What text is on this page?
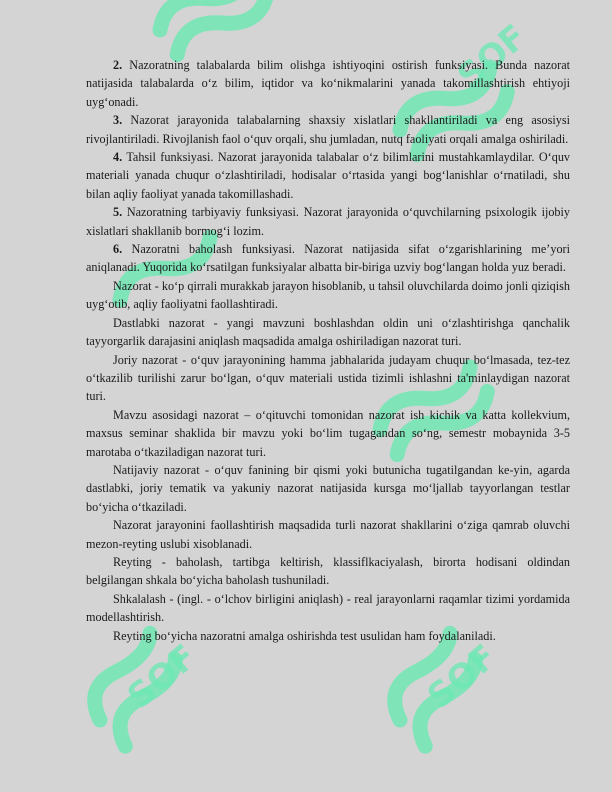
SOF	SOF
SOF

2. Nazoratning talabalarda bilim olishga ishtiyoqini ostirish funksiyasi. Bunda nazorat natijasida talabalarda o‘z bilim, iqtidor va ko‘nikmalarini yanada takomillashtirish ehtiyoji uyg‘onadi.

3. Nazorat jarayonida talabalarning shaxsiy xislatlari shakllantiriladi va eng asosiysi rivojlantiriladi. Rivojlanish faol o‘quv orqali, shu jumladan, nutq faoliyati orqali amalga oshiriladi.

4. Tahsil funksiyasi. Nazorat jarayonida talabalar o‘z bilimlarini mustahkamlaydilar. O‘quv materiali yanada chuqur o‘zlashtiriladi, hodisalar o‘rtasida yangi bog‘lanishlar o‘rnatiladi, shu bilan aqliy faoliyat yanada takomillashadi.

5. Nazoratning tarbiyaviy funksiyasi. Nazorat jarayonida o‘quvchilarning psixologik ijobiy xislatlari shakllanib bormog‘i lozim.

6. Nazoratni baholash funksiyasi. Nazorat natijasida sifat o‘zgarishlarining me’yori aniqlanadi. Yuqorida ko‘rsatilgan funksiyalar albatta bir-biriga uzviy bog‘langan holda yuz beradi.

Nazorat - ko‘p qirrali murakkab jarayon hisoblanib, u tahsil oluvchilarda doimo jonli qiziqish uyg‘otib, aqliy faoliyatni faollashtiradi.

Dastlabki nazorat - yangi mavzuni boshlashdan oldin uni o‘zlashtirishga qanchalik tayyorgarlik darajasini aniqlash maqsadida amalga oshiriladigan nazorat turi.

Joriy nazorat - o‘quv jarayonining hamma jabhalarida judayam chuqur bo‘lmasada, tez-tez o‘tkazilib turilishi zarur bo‘lgan, o‘quv materiali ustida tizimli ishlashni ta'minlaydigan nazorat turi.

Mavzu asosidagi nazorat – o‘qituvchi tomonidan nazorat ish kichik va katta kollekvium, maxsus seminar shaklida bir mavzu yoki bo‘lim tugagandan so‘ng, semestr mobaynida 3-5 marotaba o‘tkaziladigan nazorat turi.

Natijaviy nazorat - o‘quv fanining bir qismi yoki butunicha tugatilgandan ke-yin, agarda dastlabki, joriy tematik va yakuniy nazorat natijasida kursga mo‘ljallab tayyorlangan testlar bo‘yicha o‘tkaziladi.

Nazorat jarayonini faollashtirish maqsadida turli nazorat shakllarini o‘ziga qamrab oluvchi mezon-reyting uslubi xisoblanadi.

Reyting - baholash, tartibga keltirish, klassiflkaciyalash, birorta hodisani oldindan belgilangan shkala bo‘yicha baholash tushuniladi.

Shkalalash - (ingl. - o‘lchov birligini aniqlash) - real jarayonlarni raqamlar tizimi yordamida modellashtirish.

Reyting bo‘yicha nazoratni amalga oshirishda test usulidan ham foydalaniladi.
